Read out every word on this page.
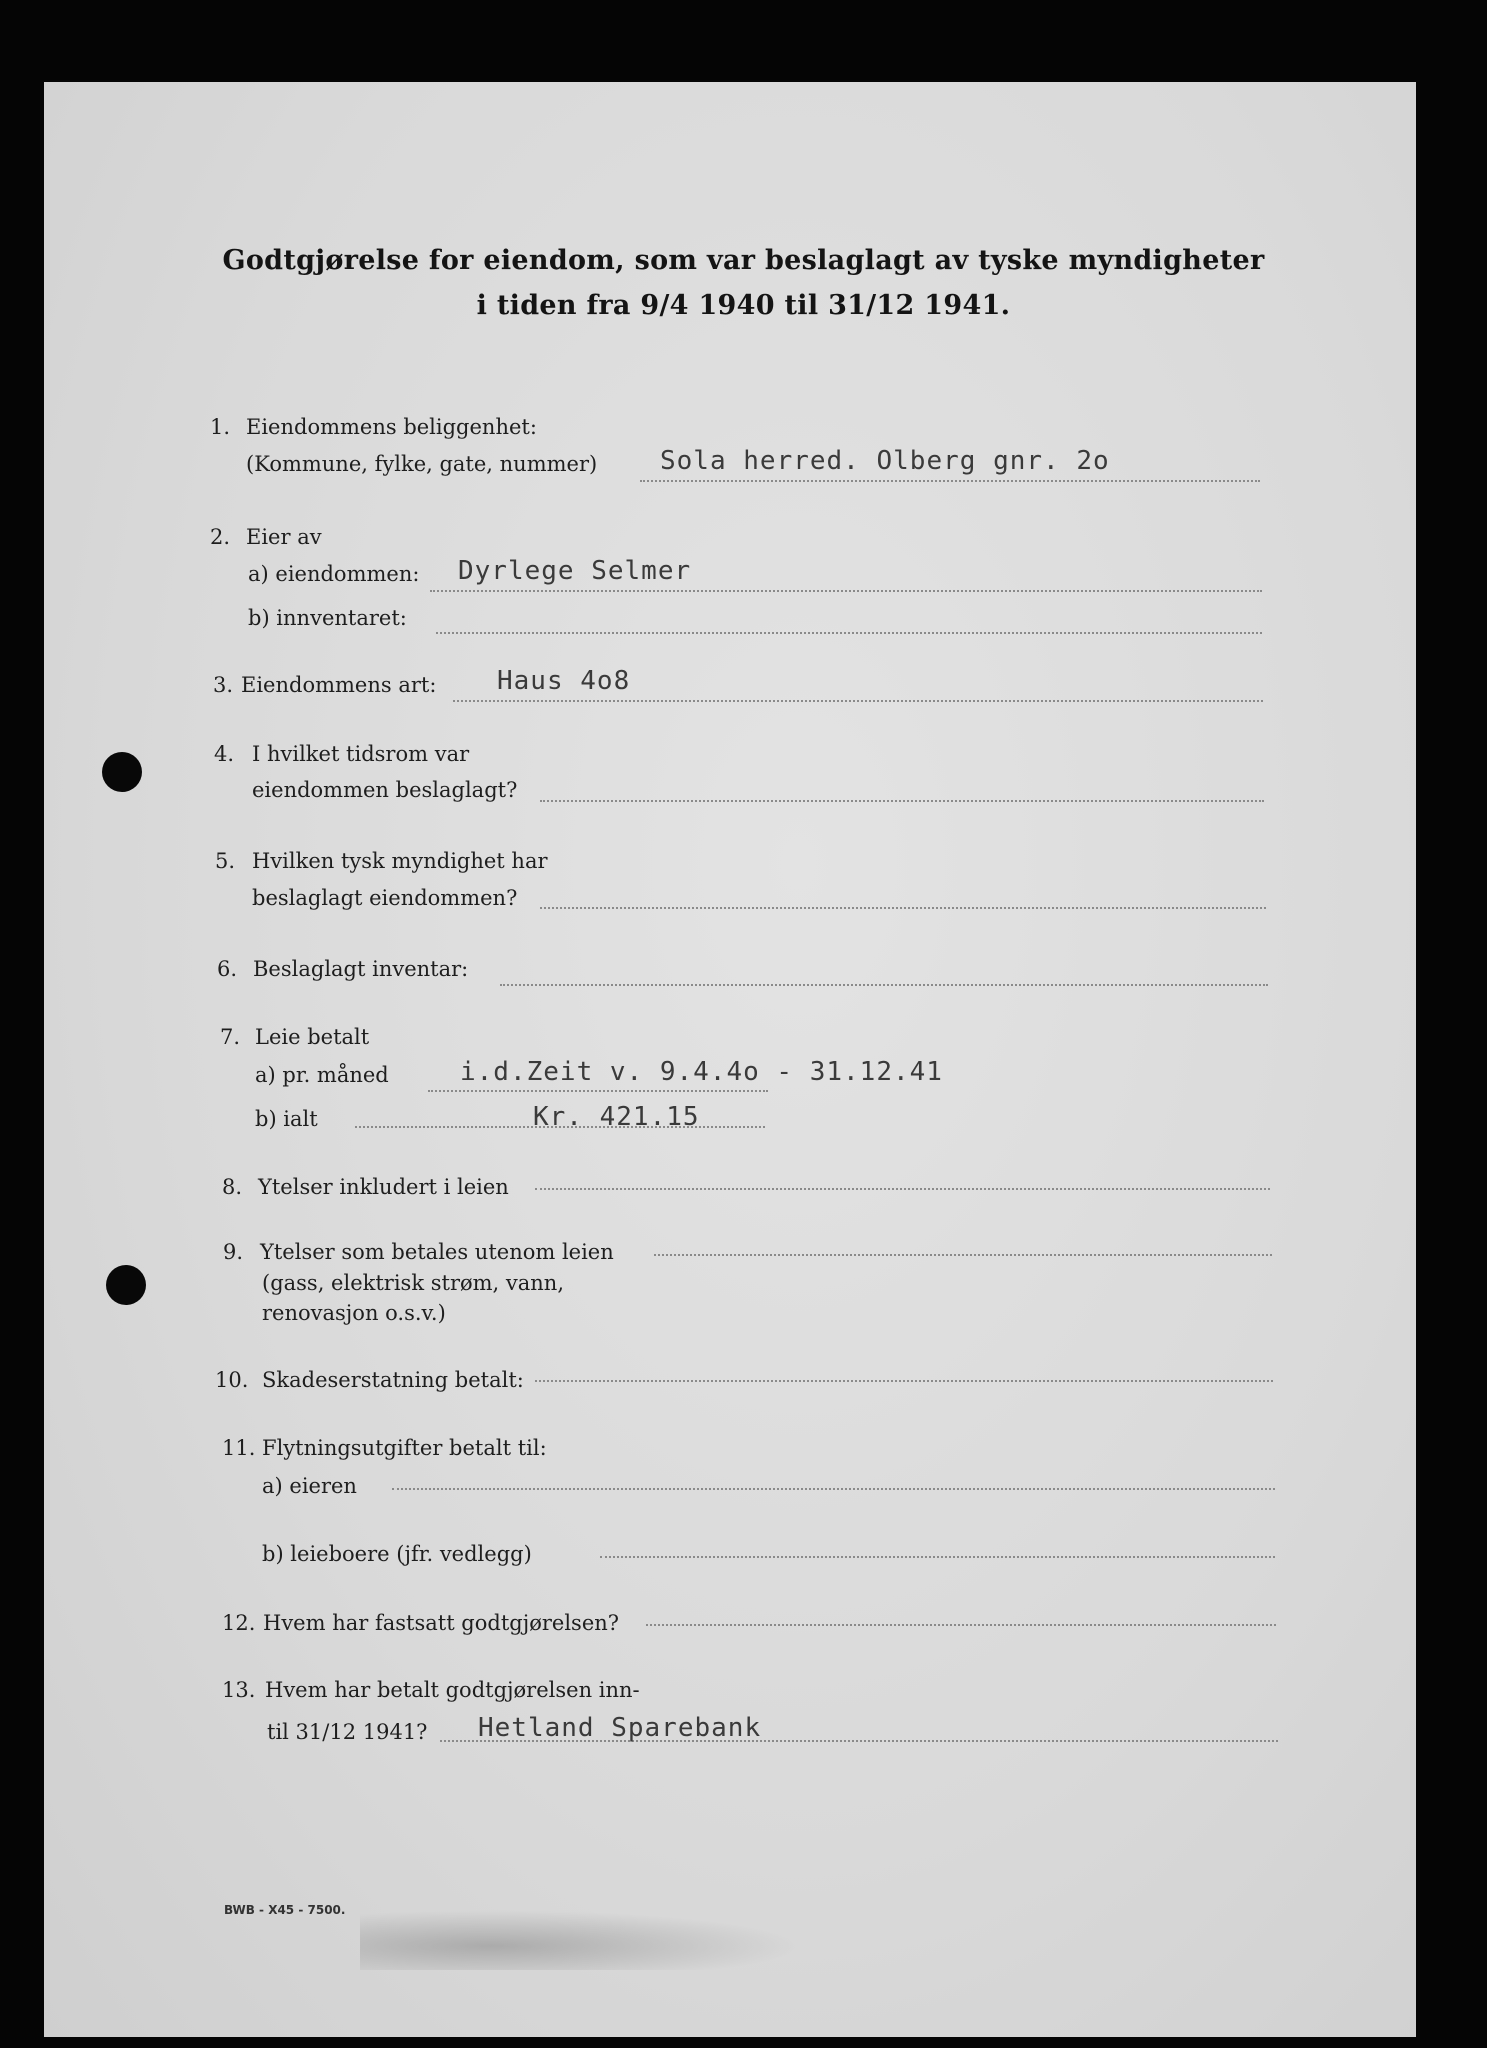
Godtgjørelse for eiendom, som var beslaglagt av tyske myndigheter
i tiden fra 9/4 1940 til 31/12 1941.
1. Eiendommens beliggenhet:
(Kommune, fylke, gate, nummer) Sola herred. Olberg gnr. 2o
2. Eier av
a) eiendommen: Dyrlege Selmer
b) innventaret:
3. Eiendommens art: Haus 4o8
4. I hvilket tidsrom var
eiendommen beslaglagt?
5. Hvilken tysk myndighet har
beslaglagt eiendommen?
6. Beslaglagt inventar:
7. Leie betalt
a) pr. måned	i.d.Zeit v. 9.4.4o - 31.12.41
b) ialt	Kr. 421.15
8. Ytelser inkludert i leien
9. Ytelser som betales utenom leien
(gass, elektrisk strøm, vann,
renovasjon o.s.v.)
10. Skadeserstatning betalt:
11. Flytningsutgifter betalt til:
a) eieren
b) leieboere (jfr. vedlegg)
12. Hvem har fastsatt godtgjørelsen?
13. Hvem har betalt godtgjørelsen inn-
til 31/12 1941? Hetland Sparebank
BWB - X45 - 7500.
